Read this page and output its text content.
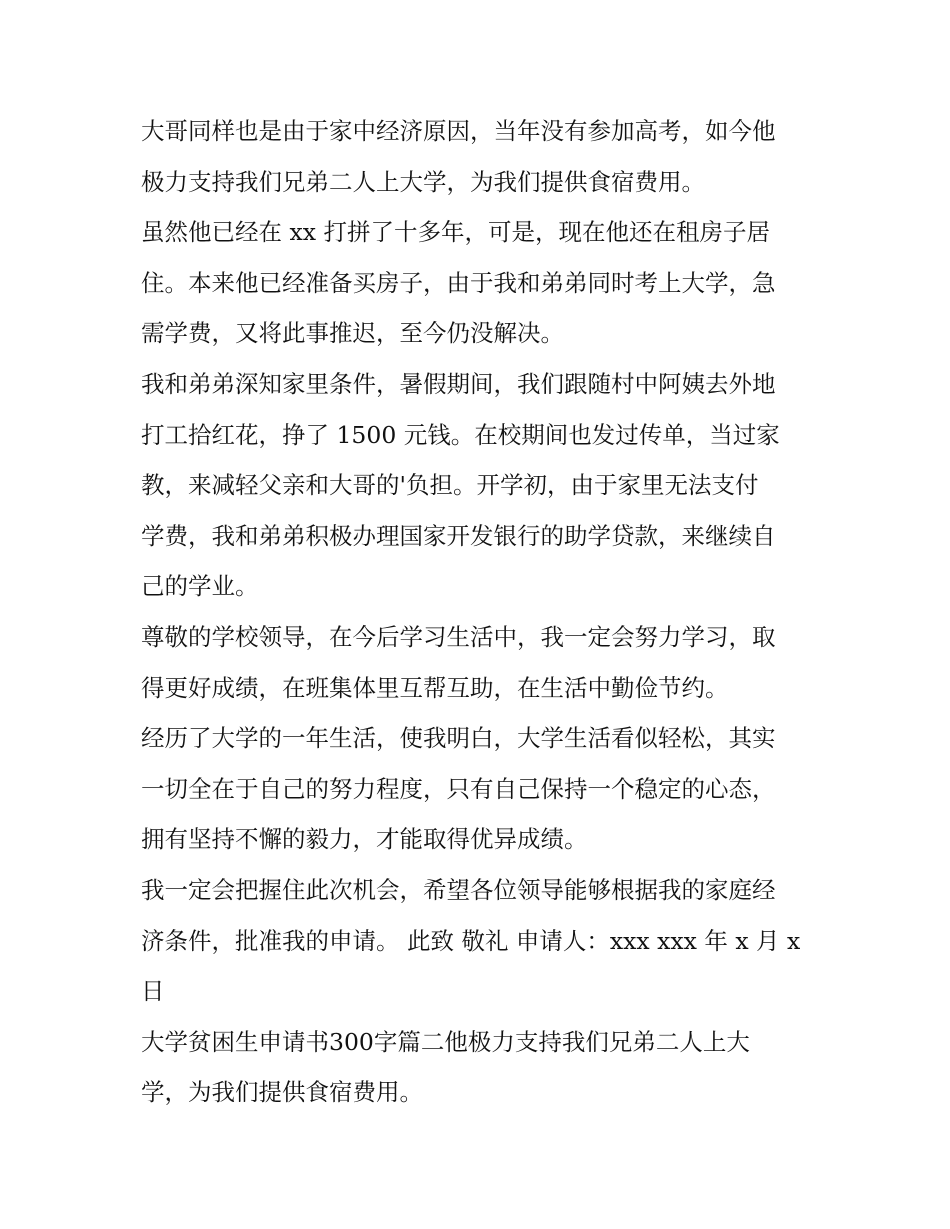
大哥同样也是由于家中经济原因，当年没有参加高考，如今他
极力支持我们兄弟二人上大学，为我们提供食宿费用。
虽然他已经在 xx 打拼了十多年，可是，现在他还在租房子居
住。本来他已经准备买房子，由于我和弟弟同时考上大学，急
需学费，又将此事推迟，至今仍没解决。
我和弟弟深知家里条件，暑假期间，我们跟随村中阿姨去外地
打工拾红花，挣了 1500 元钱。在校期间也发过传单，当过家
教，来减轻父亲和大哥的'负担。开学初，由于家里无法支付
学费，我和弟弟积极办理国家开发银行的助学贷款，来继续自
己的学业。
尊敬的学校领导，在今后学习生活中，我一定会努力学习，取
得更好成绩，在班集体里互帮互助，在生活中勤俭节约。
经历了大学的一年生活，使我明白，大学生活看似轻松，其实
一切全在于自己的努力程度，只有自己保持一个稳定的心态，
拥有坚持不懈的毅力，才能取得优异成绩。
我一定会把握住此次机会，希望各位领导能够根据我的家庭经
济条件，批准我的申请。 此致 敬礼 申请人：xxx xxx 年 x 月 x
日
大学贫困生申请书300字篇二他极力支持我们兄弟二人上大
学，为我们提供食宿费用。
